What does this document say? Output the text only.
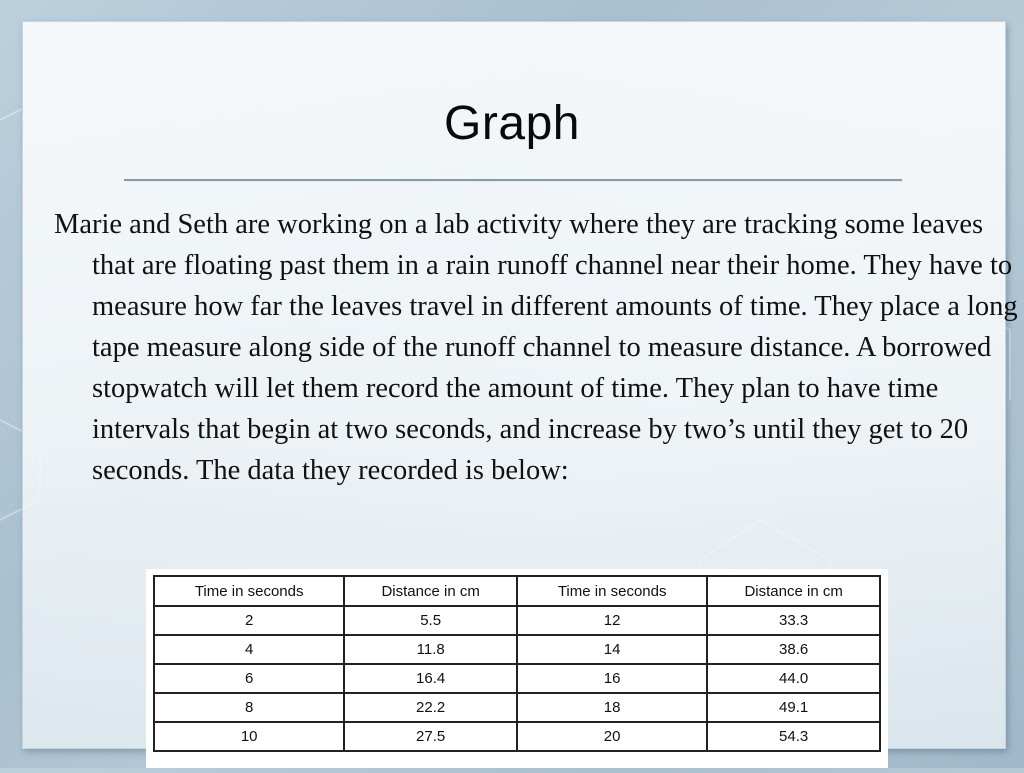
Graph

Marie and Seth are working on a lab activity where they are tracking some leaves that are floating past them in a rain runoff channel near their home. They have to measure how far the leaves travel in different amounts of time. They place a long tape measure along side of the runoff channel to measure distance. A borrowed stopwatch will let them record the amount of time. They plan to have time intervals that begin at two seconds, and increase by two’s until they get to 20 seconds. The data they recorded is below:

Time in seconds	Distance in cm	Time in seconds	Distance in cm
2	5.5	12	33.3
4	11.8	14	38.6
6	16.4	16	44.0
8	22.2	18	49.1
10	27.5	20	54.3
